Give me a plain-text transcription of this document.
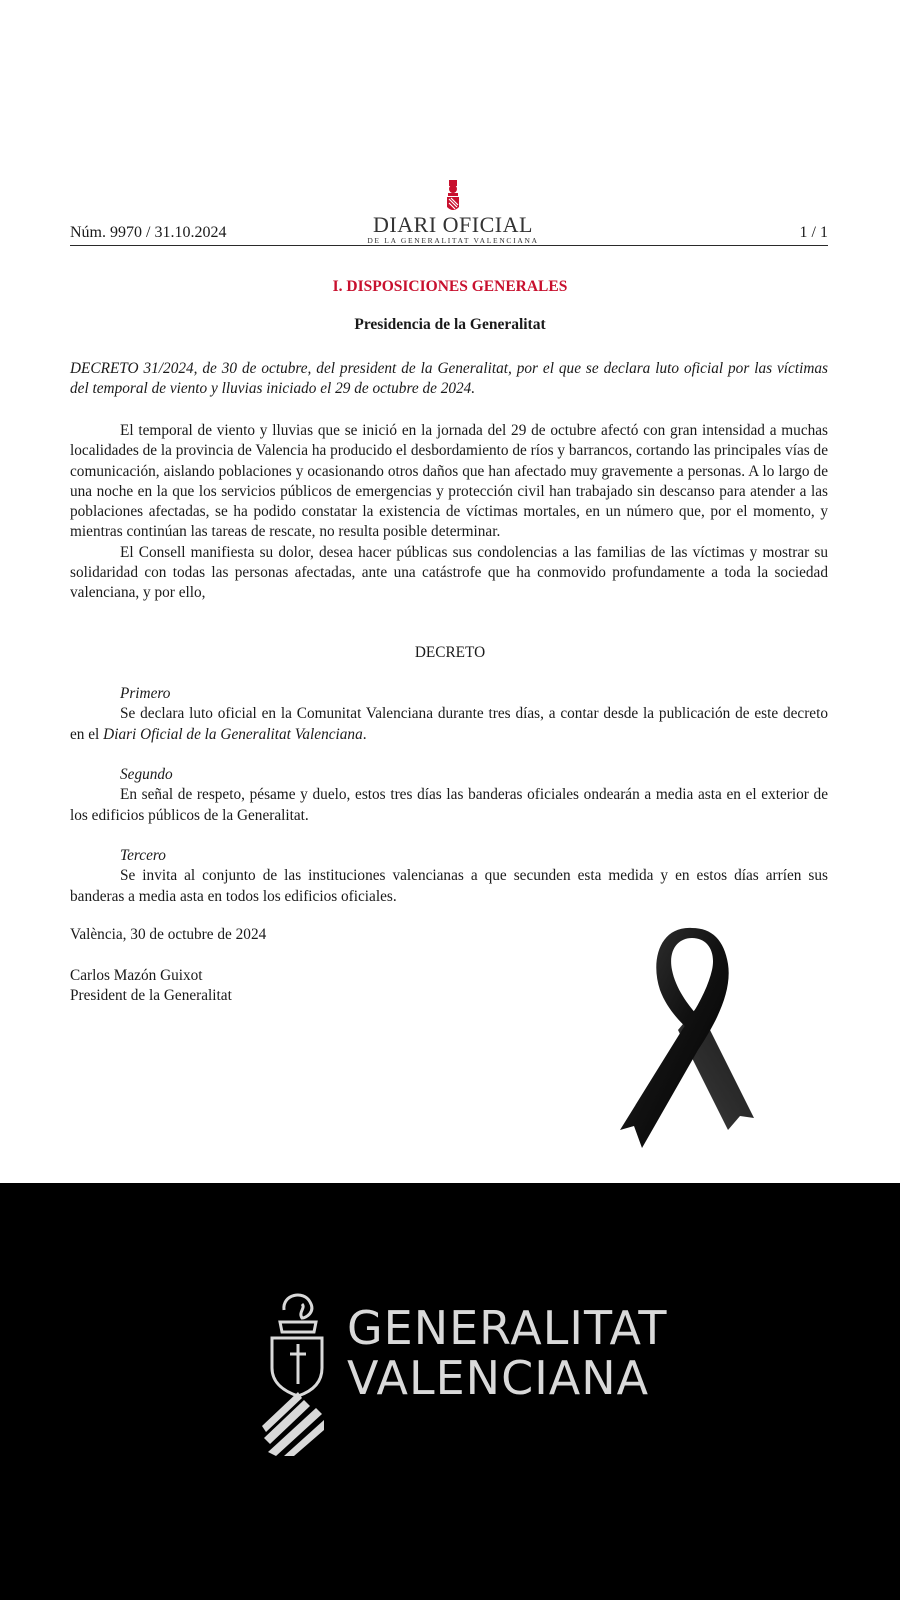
Núm. 9970 / 31.10.2024	DIARI OFICIAL
DE LA GENERALITAT VALENCIANA	1 / 1
I. DISPOSICIONES GENERALES
Presidencia de la Generalitat
DECRETO 31/2024, de 30 de octubre, del president de la Generalitat, por el que se declara luto oficial por las víctimas del temporal de viento y lluvias iniciado el 29 de octubre de 2024.

El temporal de viento y lluvias que se inició en la jornada del 29 de octubre afectó con gran intensidad a muchas localidades de la provincia de Valencia ha producido el desbordamiento de ríos y barrancos, cortando las principales vías de comunicación, aislando poblaciones y ocasionando otros daños que han afectado muy gravemente a personas. A lo largo de una noche en la que los servicios públicos de emergencias y protección civil han trabajado sin descanso para atender a las poblaciones afectadas, se ha podido constatar la existencia de víctimas mortales, en un número que, por el momento, y mientras continúan las tareas de rescate, no resulta posible determinar.

El Consell manifiesta su dolor, desea hacer públicas sus condolencias a las familias de las víctimas y mostrar su solidaridad con todas las personas afectadas, ante una catástrofe que ha conmovido profundamente a toda la sociedad valenciana, y por ello,

DECRETO
Primero

Se declara luto oficial en la Comunitat Valenciana durante tres días, a contar desde la publicación de este decreto en el Diari Oficial de la Generalitat Valenciana.

Segundo

En señal de respeto, pésame y duelo, estos tres días las banderas oficiales ondearán a media asta en el exterior de los edificios públicos de la Generalitat.

Tercero

Se invita al conjunto de las instituciones valencianas a que secunden esta medida y en estos días arríen sus banderas a media asta en todos los edificios oficiales.

València, 30 de octubre de 2024
Carlos Mazón Guixot
President de la Generalitat
GENERALITAT
VALENCIANA
